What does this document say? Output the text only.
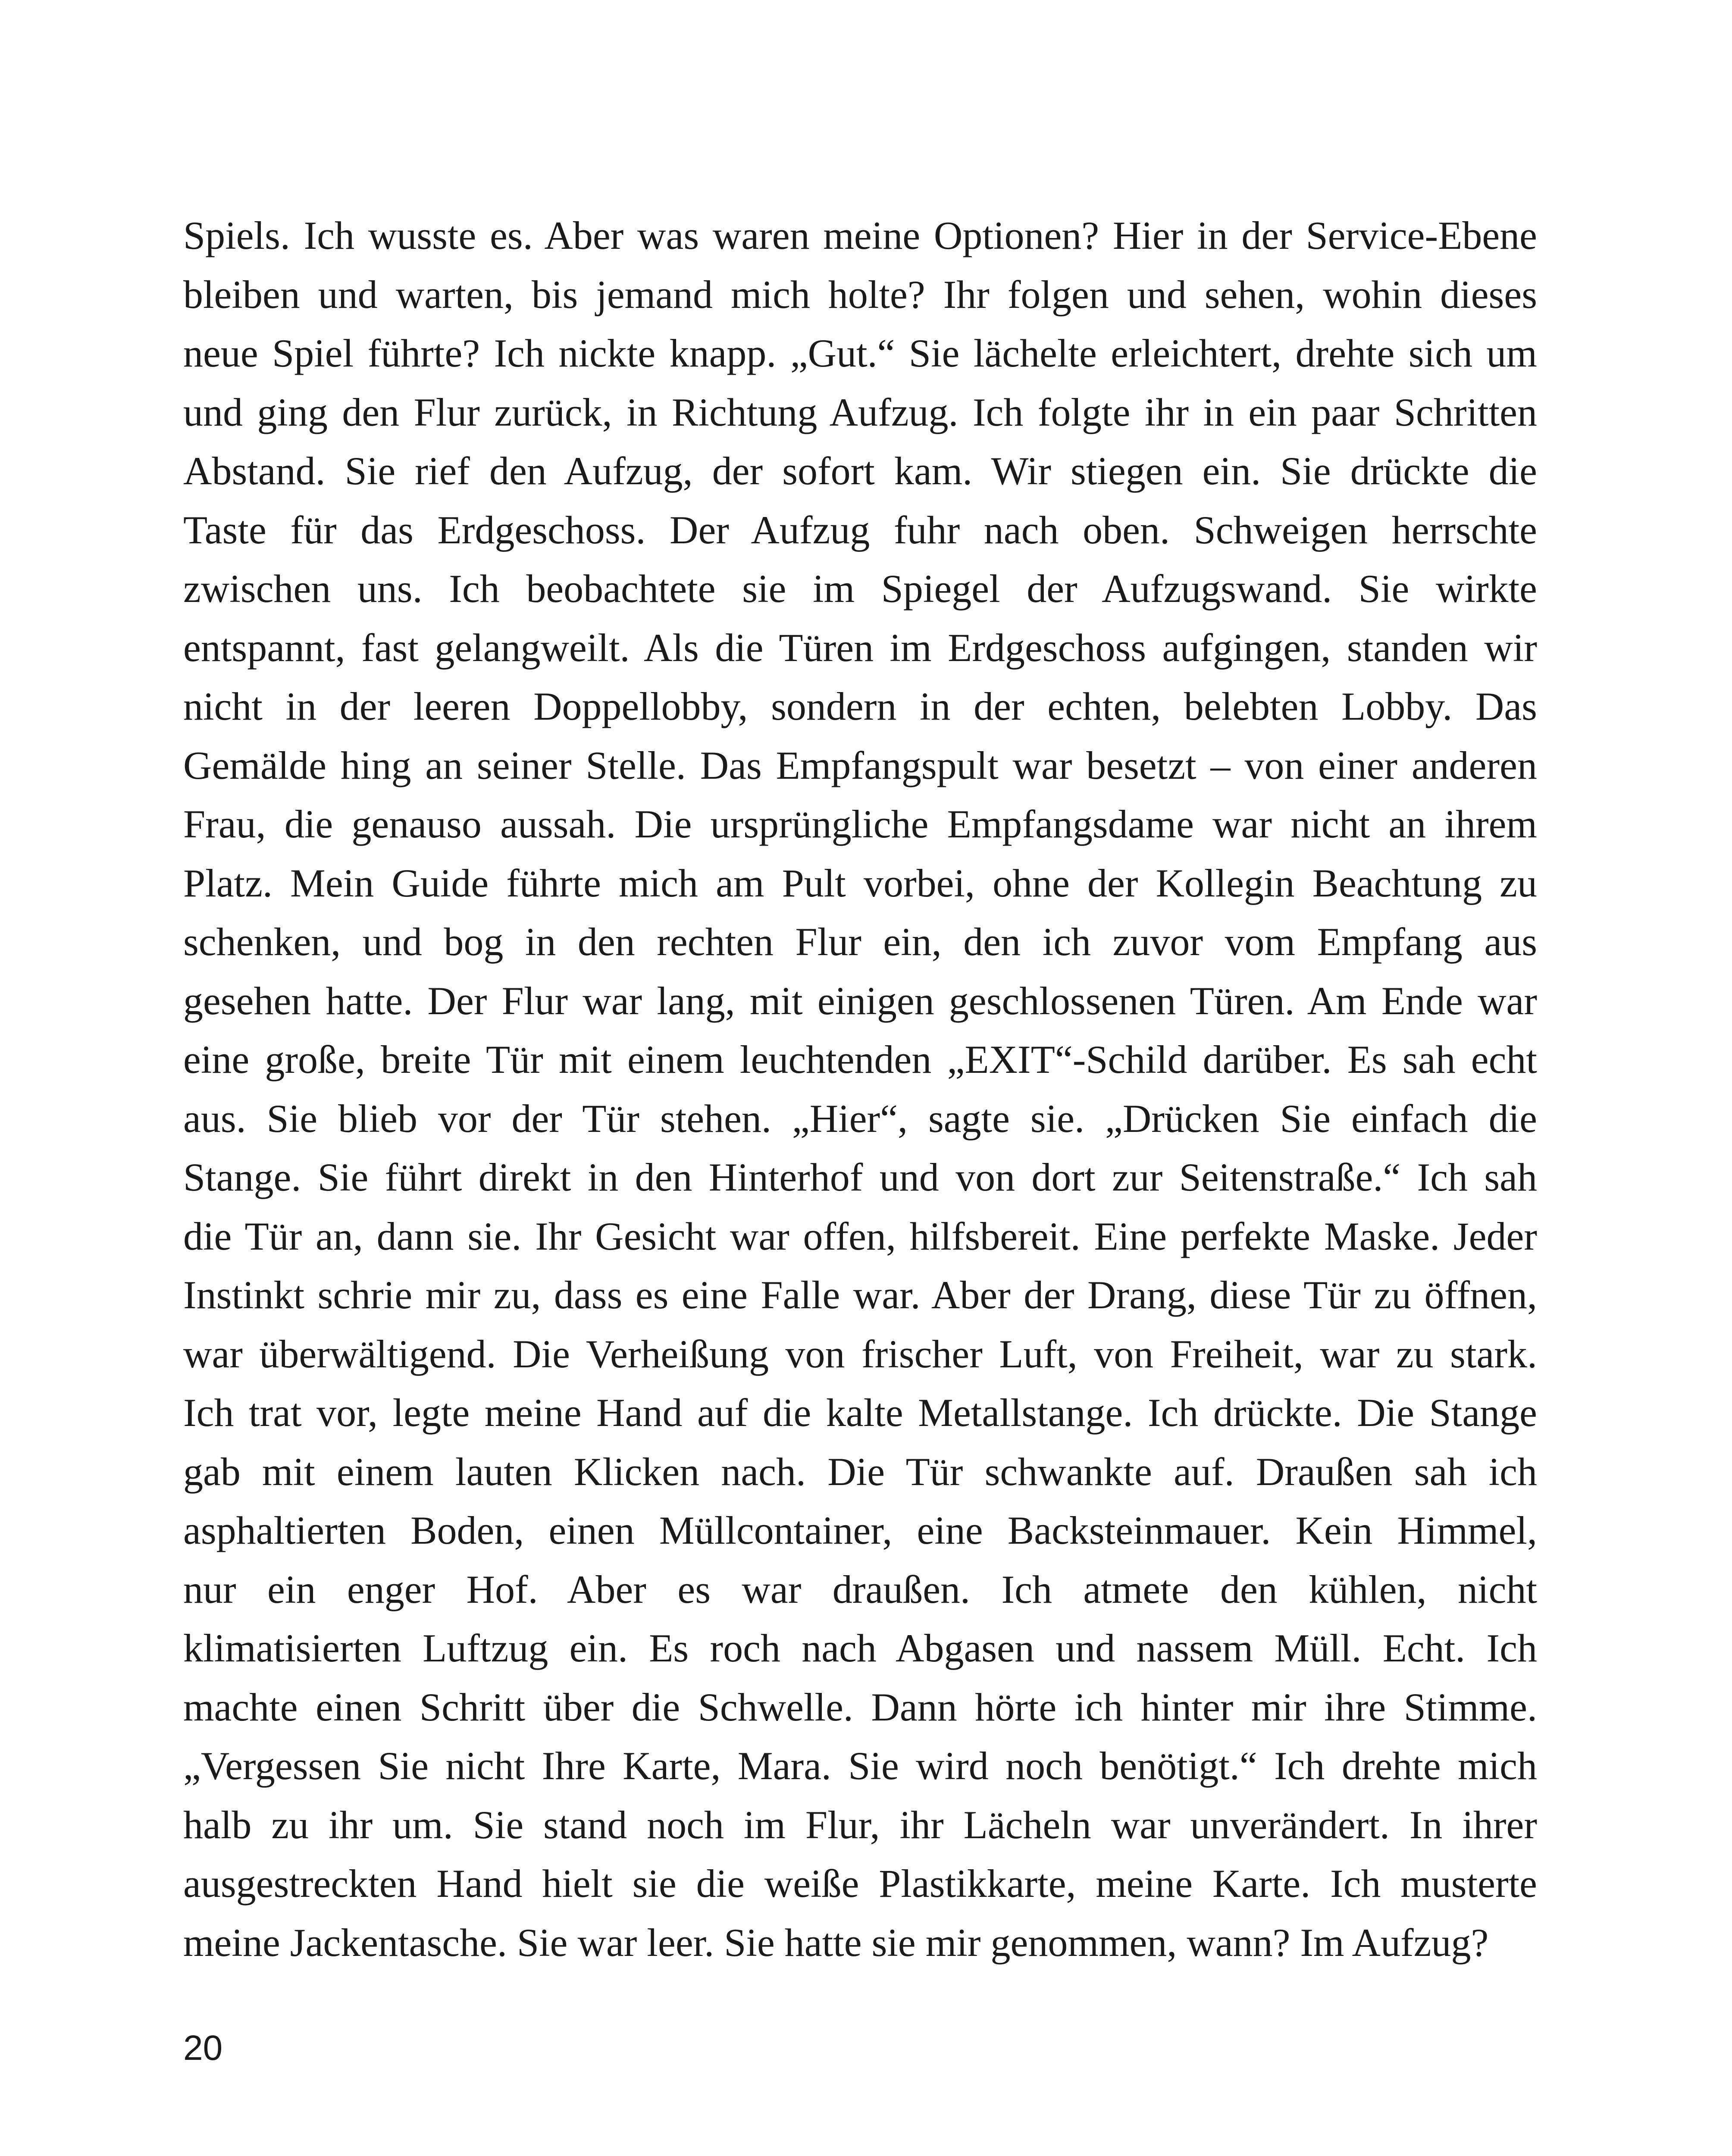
Spiels. Ich wusste es. Aber was waren meine Optionen? Hier in der Service-Ebene
bleiben und warten, bis jemand mich holte? Ihr folgen und sehen, wohin dieses
neue Spiel führte? Ich nickte knapp. „Gut.“ Sie lächelte erleichtert, drehte sich um
und ging den Flur zurück, in Richtung Aufzug. Ich folgte ihr in ein paar Schritten
Abstand. Sie rief den Aufzug, der sofort kam. Wir stiegen ein. Sie drückte die
Taste für das Erdgeschoss. Der Aufzug fuhr nach oben. Schweigen herrschte
zwischen uns. Ich beobachtete sie im Spiegel der Aufzugswand. Sie wirkte
entspannt, fast gelangweilt. Als die Türen im Erdgeschoss aufgingen, standen wir
nicht in der leeren Doppellobby, sondern in der echten, belebten Lobby. Das
Gemälde hing an seiner Stelle. Das Empfangspult war besetzt – von einer anderen
Frau, die genauso aussah. Die ursprüngliche Empfangsdame war nicht an ihrem
Platz. Mein Guide führte mich am Pult vorbei, ohne der Kollegin Beachtung zu
schenken, und bog in den rechten Flur ein, den ich zuvor vom Empfang aus
gesehen hatte. Der Flur war lang, mit einigen geschlossenen Türen. Am Ende war
eine große, breite Tür mit einem leuchtenden „EXIT“-Schild darüber. Es sah echt
aus. Sie blieb vor der Tür stehen. „Hier“, sagte sie. „Drücken Sie einfach die
Stange. Sie führt direkt in den Hinterhof und von dort zur Seitenstraße.“ Ich sah
die Tür an, dann sie. Ihr Gesicht war offen, hilfsbereit. Eine perfekte Maske. Jeder
Instinkt schrie mir zu, dass es eine Falle war. Aber der Drang, diese Tür zu öffnen,
war überwältigend. Die Verheißung von frischer Luft, von Freiheit, war zu stark.
Ich trat vor, legte meine Hand auf die kalte Metallstange. Ich drückte. Die Stange
gab mit einem lauten Klicken nach. Die Tür schwankte auf. Draußen sah ich
asphaltierten Boden, einen Müllcontainer, eine Backsteinmauer. Kein Himmel,
nur ein enger Hof. Aber es war draußen. Ich atmete den kühlen, nicht
klimatisierten Luftzug ein. Es roch nach Abgasen und nassem Müll. Echt. Ich
machte einen Schritt über die Schwelle. Dann hörte ich hinter mir ihre Stimme.
„Vergessen Sie nicht Ihre Karte, Mara. Sie wird noch benötigt.“ Ich drehte mich
halb zu ihr um. Sie stand noch im Flur, ihr Lächeln war unverändert. In ihrer
ausgestreckten Hand hielt sie die weiße Plastikkarte, meine Karte. Ich musterte
meine Jackentasche. Sie war leer. Sie hatte sie mir genommen, wann? Im Aufzug?
20
